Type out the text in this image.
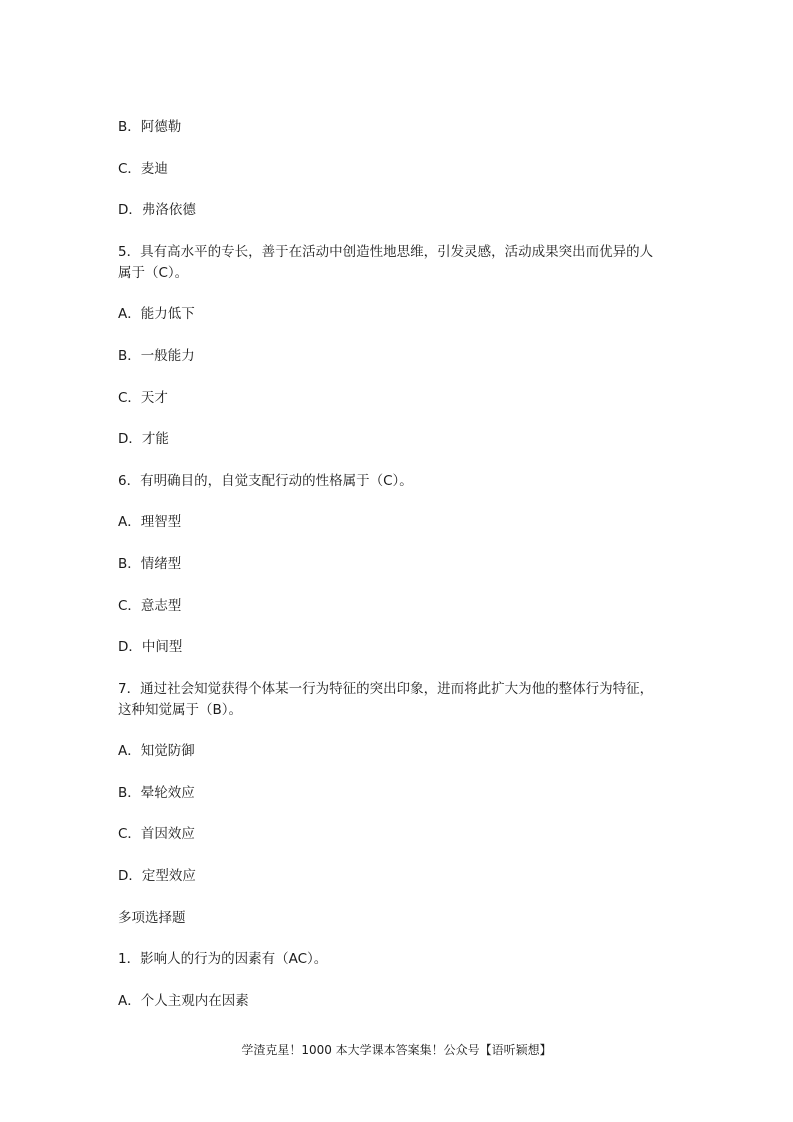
B．阿德勒
C．麦迪
D．弗洛依德
5．具有高水平的专长，善于在活动中创造性地思维，引发灵感，活动成果突出而优异的人
属于（C）。
A．能力低下
B．一般能力
C．天才
D．才能
6．有明确目的，自觉支配行动的性格属于（C）。
A．理智型
B．情绪型
C．意志型
D．中间型
7．通过社会知觉获得个体某一行为特征的突出印象，进而将此扩大为他的整体行为特征，
这种知觉属于（B）。
A．知觉防御
B．晕轮效应
C．首因效应
D．定型效应
多项选择题
1．影响人的行为的因素有（AC）。
A．个人主观内在因素
学渣克星！1000 本大学课本答案集！公众号【语听颖想】
